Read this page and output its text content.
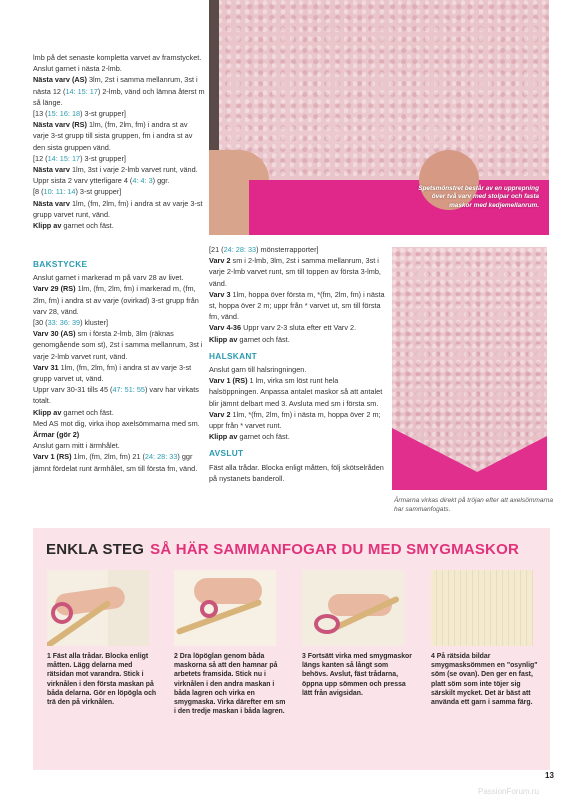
lmb på det senaste kompletta varvet av framstycket. Anslut garnet i nästa 2-lmb.

Nästa varv (AS) 3lm, 2st i samma mellanrum, 3st i nästa 12 (14: 15: 17) 2-lmb, vänd och lämna återst m så länge.

[13 (15: 16: 18) 3-st grupper]

Nästa varv (RS) 1lm, (fm, 2lm, fm) i andra st av varje 3-st grupp till sista gruppen, fm i andra st av den sista gruppen vänd.

[12 (14: 15: 17) 3-st grupper]

Nästa varv 1lm, 3st i varje 2-lmb varvet runt, vänd.

Uppr sista 2 varv ytterligare 4 (4: 4: 3) ggr.

[8 (10: 11: 14) 3-st grupper]

Nästa varv 1lm, (fm, 2lm, fm) i andra st av varje 3-st grupp varvet runt, vänd.

Klipp av garnet och fäst.

BAKSTYCKE

Anslut garnet i markerad m på varv 28 av livet.

Varv 29 (RS) 1lm, (fm, 2lm, fm) i markerad m, (fm, 2lm, fm) i andra st av varje (ovirkad) 3-st grupp från varv 28, vänd.

[30 (33: 36: 39) kluster]

Varv 30 (AS) sm i första 2-lmb, 3lm (räknas genomgående som st), 2st i samma mellanrum, 3st i varje 2-lmb varvet runt, vänd.

Varv 31 1lm, (fm, 2lm, fm) i andra st av varje 3-st grupp varvet ut, vänd.

Uppr varv 30-31 tills 45 (47: 51: 55) varv har virkats totalt.

Klipp av garnet och fäst.

Med AS mot dig, virka ihop axelsömmarna med sm.

Ärmar (gör 2)

Anslut garn mitt i ärmhålet.

Varv 1 (RS) 1lm, (fm, 2lm, fm) 21 (24: 28: 33) ggr jämnt fördelat runt ärmhålet, sm till första fm, vänd.

[21 (24: 28: 33) mönsterrapporter]

Varv 2 sm i 2-lmb, 3lm, 2st i samma mellanrum, 3st i varje 2-lmb varvet runt, sm till toppen av första 3-lmb, vänd.

Varv 3 1lm, hoppa över första m, *(fm, 2lm, fm) i nästa st, hoppa över 2 m; uppr från * varvet ut, sm till första fm, vänd.

Varv 4-36 Uppr varv 2-3 sluta efter ett Varv 2.

Klipp av garnet och fäst.

HALSKANT

Anslut garn till halsringningen.

Varv 1 (RS) 1 lm, virka sm löst runt hela halsöppningen. Anpassa antalet maskor så att antalet blir jämnt delbart med 3. Avsluta med sm i första sm.

Varv 2 1lm, *(fm, 2lm, fm) i nästa m, hoppa över 2 m; uppr från * varvet runt.

Klipp av garnet och fäst.

AVSLUT

Fäst alla trådar. Blocka enligt måtten, följ skötselråden på nystanets banderoll.

Spetsmönstret består av en upprepning över två varv med stolpar och fasta maskor med kedjemellanrum.
Ärmarna virkas direkt på tröjan efter att axelsömmarna har sammanfogats.
ENKLA STEG SÅ HÄR SAMMANFOGAR DU MED SMYGMASKOR
1 Fäst alla trådar. Blocka enligt måtten. Lägg delarna med rätsidan mot varandra. Stick i virknålen i den första maskan på båda delarna. Gör en löpögla och trä den på virknålen.
2 Dra löpöglan genom båda maskorna så att den hamnar på arbetets framsida. Stick nu i virknålen i den andra maskan i båda lagren och virka en smygmaska. Virka därefter em sm i den tredje maskan i båda lagren.
3 Fortsätt virka med smygmaskor längs kanten så långt som behövs. Avslut, fäst trådarna, öppna upp sömmen och pressa lätt från avigsidan.
4 På rätsida bildar smygmasksömmen en "osynlig" söm (se ovan). Den ger en fast, platt söm som inte töjer sig särskilt mycket. Det är bäst att använda ett garn i samma färg.
13
PassionForum.ru
